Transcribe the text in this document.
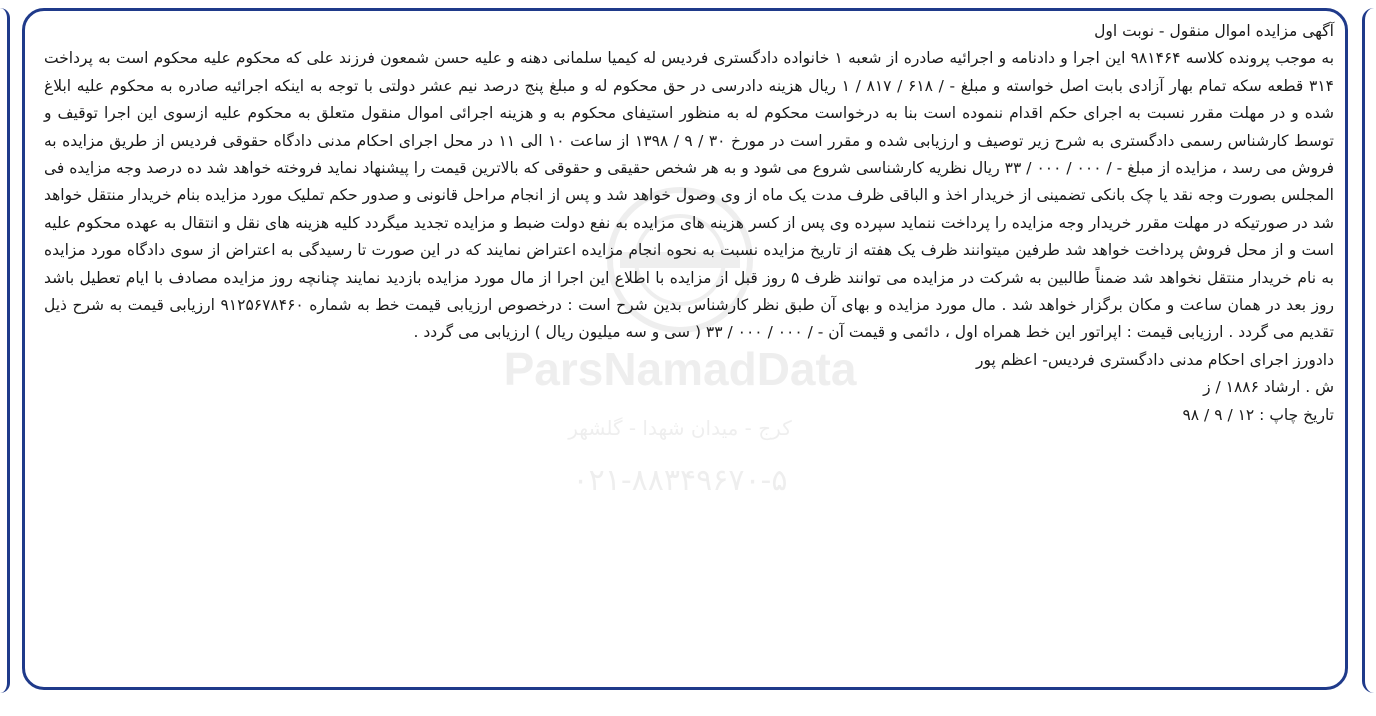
ParsNamadData
کرج - میدان شهدا - گلشهر
۰۲۱-۸۸۳۴۹۶۷۰-۵

آگهی مزایده اموال منقول - نوبت اول

به موجب پرونده کلاسه ۹۸۱۴۶۴ این اجرا و دادنامه و اجرائیه صادره از شعبه ۱ خانواده دادگستری فردیس له کیمیا سلمانی دهنه و علیه حسن شمعون فرزند علی که محکوم علیه محکوم است به پرداخت ۳۱۴ قطعه سکه تمام بهار آزادی بابت اصل خواسته و مبلغ - / ۶۱۸ / ۸۱۷ / ۱ ریال هزینه دادرسی در حق محکوم له و مبلغ پنج درصد نیم عشر دولتی با توجه به اینکه اجرائیه صادره به محکوم علیه ابلاغ شده و در مهلت مقرر نسبت به اجرای حکم اقدام ننموده است بنا به درخواست محکوم له به منظور استیفای محکوم به و هزینه اجرائی اموال منقول متعلق به محکوم علیه ازسوی این اجرا توقیف و توسط کارشناس رسمی دادگستری به شرح زیر توصیف و ارزیابی شده و مقرر است در مورخ ۳۰ / ۹ / ۱۳۹۸ از ساعت ۱۰ الی ۱۱ در محل اجرای احکام مدنی دادگاه حقوقی فردیس از طریق مزایده به فروش می رسد ، مزایده از مبلغ - / ۰۰۰ / ۰۰۰ / ۳۳ ریال نظریه کارشناسی شروع می شود و به هر شخص حقیقی و حقوقی که بالاترین قیمت را پیشنهاد نماید فروخته خواهد شد ده درصد وجه مزایده فی المجلس بصورت وجه نقد یا چک بانکی تضمینی از خریدار اخذ و الباقی ظرف مدت یک ماه از وی وصول خواهد شد و پس از انجام مراحل قانونی و صدور حکم تملیک مورد مزایده بنام خریدار منتقل خواهد شد در صورتیکه در مهلت مقرر خریدار وجه مزایده را پرداخت ننماید سپرده وی پس از کسر هزینه های مزایده به نفع دولت ضبط و مزایده تجدید میگردد کلیه هزینه های نقل و انتقال به عهده محکوم علیه است و از محل فروش پرداخت خواهد شد طرفین میتوانند ظرف یک هفته از تاریخ مزایده نسبت به نحوه انجام مزایده اعتراض نمایند که در این صورت تا رسیدگی به اعتراض از سوی دادگاه مورد مزایده به نام خریدار منتقل نخواهد شد ضمناً طالبین به شرکت در مزایده می توانند ظرف ۵ روز قبل از مزایده با اطلاع این اجرا از مال مورد مزایده بازدید نمایند چنانچه روز مزایده مصادف با ایام تعطیل باشد روز بعد در همان ساعت و مکان برگزار خواهد شد . مال مورد مزایده و بهای آن طبق نظر کارشناس بدین شرح است : درخصوص ارزیابی قیمت خط به شماره ۹۱۲۵۶۷۸۴۶۰ ارزیابی قیمت به شرح ذیل تقدیم می گردد . ارزیابی قیمت : اپراتور این خط همراه اول ، دائمی و قیمت آن - / ۰۰۰ / ۰۰۰ / ۳۳ ( سی و سه میلیون ریال ) ارزیابی می گردد .

دادورز اجرای احکام مدنی دادگستری فردیس- اعظم پور

ش . ارشاد ۱۸۸۶ / ز

تاریخ چاپ : ۱۲ / ۹ / ۹۸
